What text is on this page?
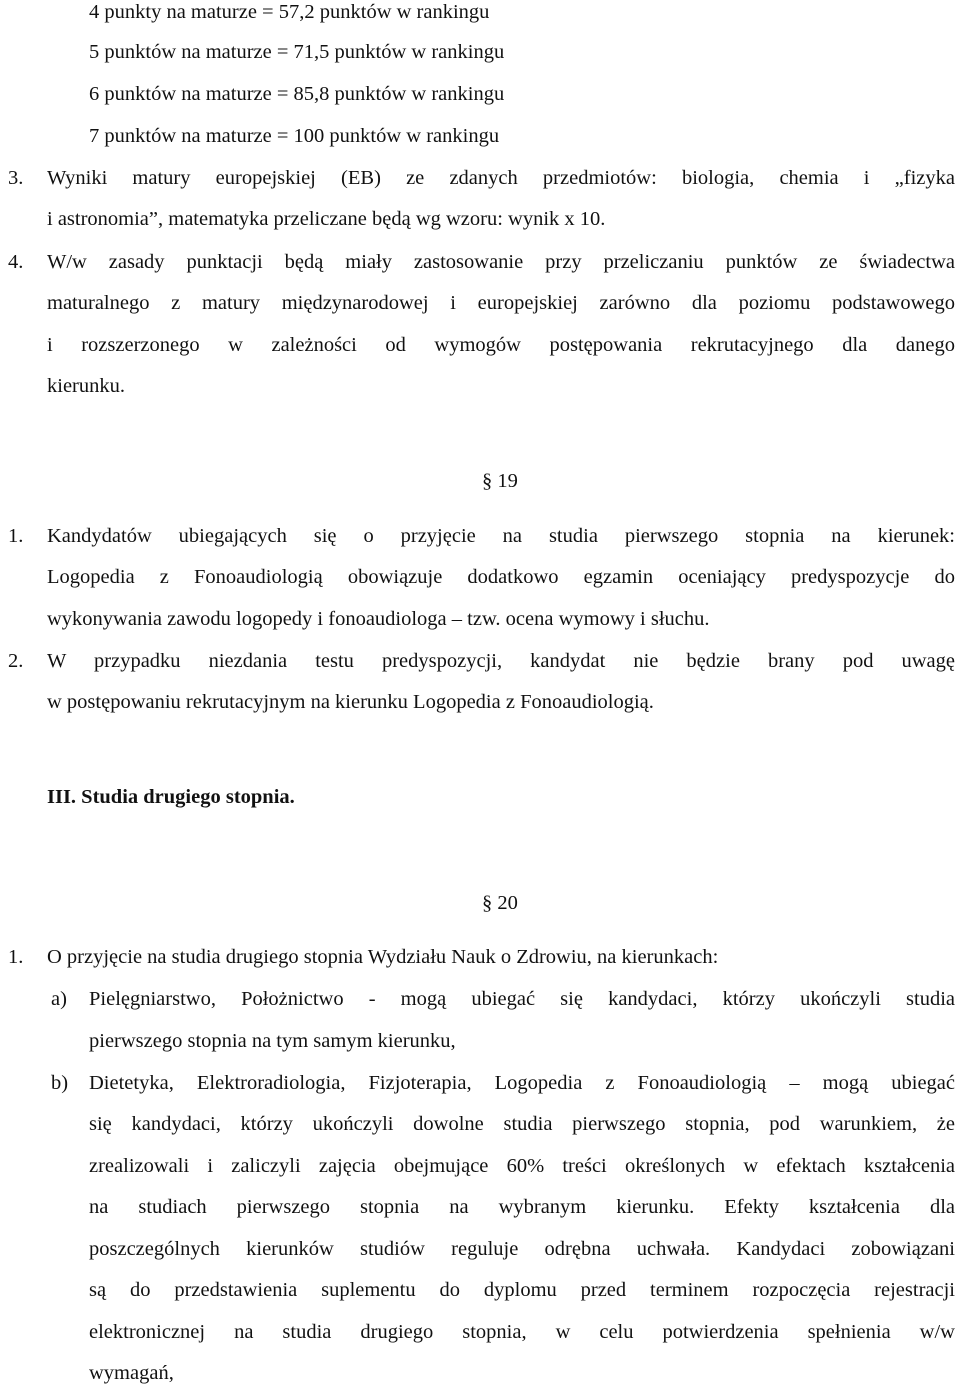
4 punkty na maturze = 57,2 punktów w rankingu
5 punktów na maturze = 71,5 punktów w rankingu
6 punktów na maturze = 85,8 punktów w rankingu
7 punktów na maturze = 100 punktów w rankingu
3. Wyniki matury europejskiej (EB) ze zdanych przedmiotów: biologia, chemia i „fizyka
i astronomia”, matematyka przeliczane będą wg wzoru: wynik x 10.
4. W/w zasady punktacji będą miały zastosowanie przy przeliczaniu punktów ze świadectwa
maturalnego z matury międzynarodowej i europejskiej zarówno dla poziomu podstawowego
i rozszerzonego w zależności od wymogów postępowania rekrutacyjnego dla danego
kierunku.
§ 19
1. Kandydatów ubiegających się o przyjęcie na studia pierwszego stopnia na kierunek:
Logopedia z Fonoaudiologią obowiązuje dodatkowo egzamin oceniający predyspozycje do
wykonywania zawodu logopedy i fonoaudiologa – tzw. ocena wymowy i słuchu.
2. W przypadku niezdania testu predyspozycji, kandydat nie będzie brany pod uwagę
w postępowaniu rekrutacyjnym na kierunku Logopedia z Fonoaudiologią.
III. Studia drugiego stopnia.
§ 20
1. O przyjęcie na studia drugiego stopnia Wydziału Nauk o Zdrowiu, na kierunkach:
a) Pielęgniarstwo, Położnictwo - mogą ubiegać się kandydaci, którzy ukończyli studia
pierwszego stopnia na tym samym kierunku,
b) Dietetyka, Elektroradiologia, Fizjoterapia, Logopedia z Fonoaudiologią – mogą ubiegać
się kandydaci, którzy ukończyli dowolne studia pierwszego stopnia, pod warunkiem, że
zrealizowali i zaliczyli zajęcia obejmujące 60% treści określonych w efektach kształcenia
na studiach pierwszego stopnia na wybranym kierunku. Efekty kształcenia dla
poszczególnych kierunków studiów reguluje odrębna uchwała. Kandydaci zobowiązani
są do przedstawienia suplementu do dyplomu przed terminem rozpoczęcia rejestracji
elektronicznej na studia drugiego stopnia, w celu potwierdzenia spełnienia w/w
wymagań,
